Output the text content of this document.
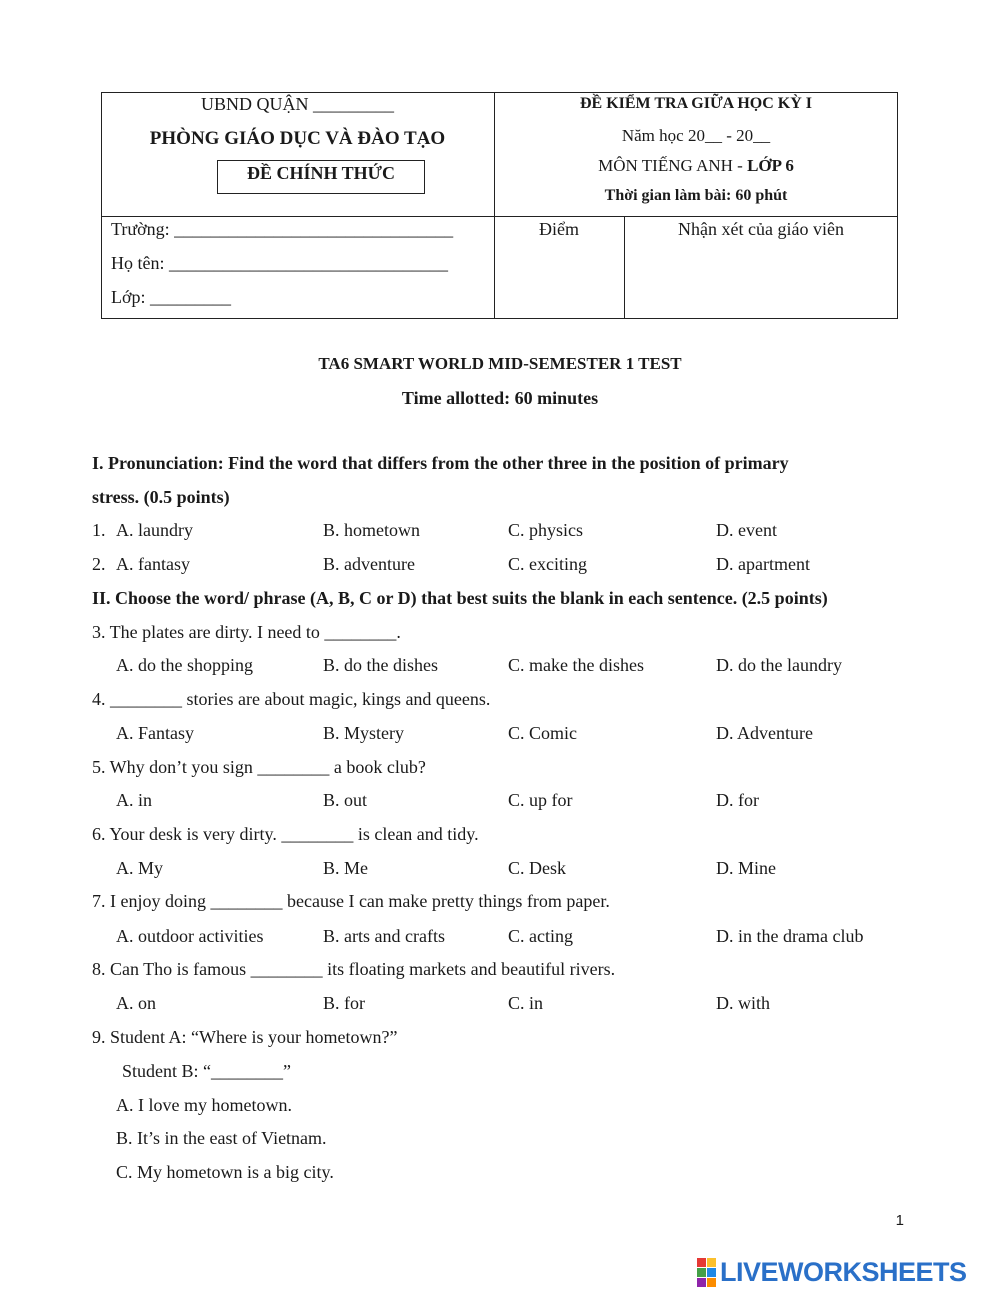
UBND QUẬN _________
PHÒNG GIÁO DỤC VÀ ĐÀO TẠO
ĐỀ CHÍNH THỨC
ĐỀ KIỂM TRA GIỮA HỌC KỲ I
Năm học 20__ - 20__
MÔN TIẾNG ANH - LỚP 6
Thời gian làm bài: 60 phút
Trường: _______________________________
Họ tên: _______________________________
Lớp: _________
Điểm	Nhận xét của giáo viên
TA6 SMART WORLD MID-SEMESTER 1 TEST
Time allotted: 60 minutes
I. Pronunciation: Find the word that differs from the other three in the position of primary
stress. (0.5 points)
1. A. laundry	B. hometown	C. physics	D. event
2. A. fantasy	B. adventure	C. exciting	D. apartment
II. Choose the word/ phrase (A, B, C or D) that best suits the blank in each sentence. (2.5 points)
3. The plates are dirty. I need to ________.
A. do the shopping	B. do the dishes	C. make the dishes	D. do the laundry
4. ________ stories are about magic, kings and queens.
A. Fantasy	B. Mystery	C. Comic	D. Adventure
5. Why don’t you sign ________ a book club?
A. in	B. out	C. up for	D. for
6. Your desk is very dirty. ________ is clean and tidy.
A. My	B. Me	C. Desk	D. Mine
7. I enjoy doing ________ because I can make pretty things from paper.
A. outdoor activities	B. arts and crafts	C. acting	D. in the drama club
8. Can Tho is famous ________ its floating markets and beautiful rivers.
A. on	B. for	C. in	D. with
9. Student A: “Where is your hometown?”
Student B: “________”
A. I love my hometown.
B. It’s in the east of Vietnam.
C. My hometown is a big city.
1
LIVEWORKSHEETS
